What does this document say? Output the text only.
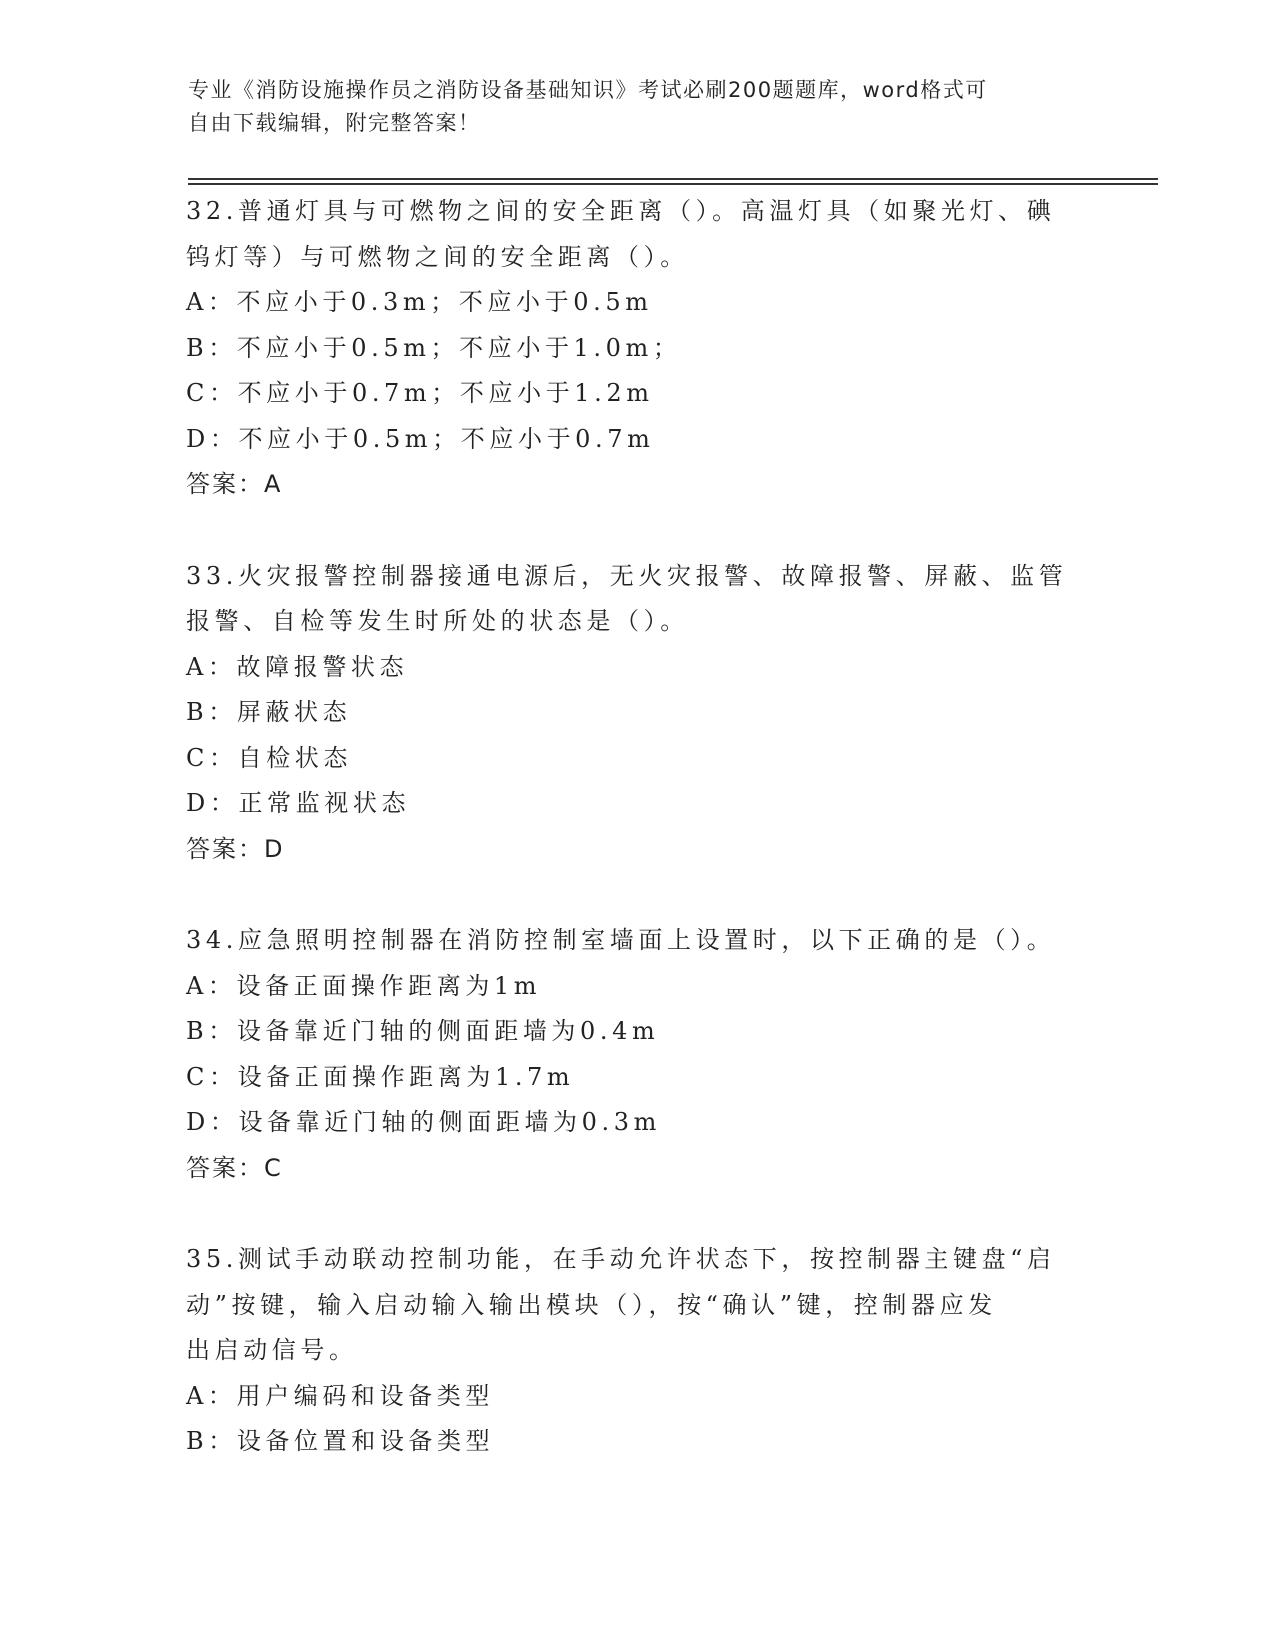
专业《消防设施操作员之消防设备基础知识》考试必刷200题题库，word格式可
自由下载编辑，附完整答案！

32.普通灯具与可燃物之间的安全距离（）。高温灯具（如聚光灯、碘

钨灯等）与可燃物之间的安全距离（）。

A：不应小于0.3m；不应小于0.5m

B：不应小于0.5m；不应小于1.0m；

C：不应小于0.7m；不应小于1.2m

D：不应小于0.5m；不应小于0.7m

答案：A

33.火灾报警控制器接通电源后，无火灾报警、故障报警、屏蔽、监管

报警、自检等发生时所处的状态是（）。

A：故障报警状态

B：屏蔽状态

C：自检状态

D：正常监视状态

答案：D

34.应急照明控制器在消防控制室墙面上设置时，以下正确的是（）。

A：设备正面操作距离为1m

B：设备靠近门轴的侧面距墙为0.4m

C：设备正面操作距离为1.7m

D：设备靠近门轴的侧面距墙为0.3m

答案：C

35.测试手动联动控制功能，在手动允许状态下，按控制器主键盘“启

动”按键，输入启动输入输出模块（），按“确认”键，控制器应发

出启动信号。

A：用户编码和设备类型

B：设备位置和设备类型
